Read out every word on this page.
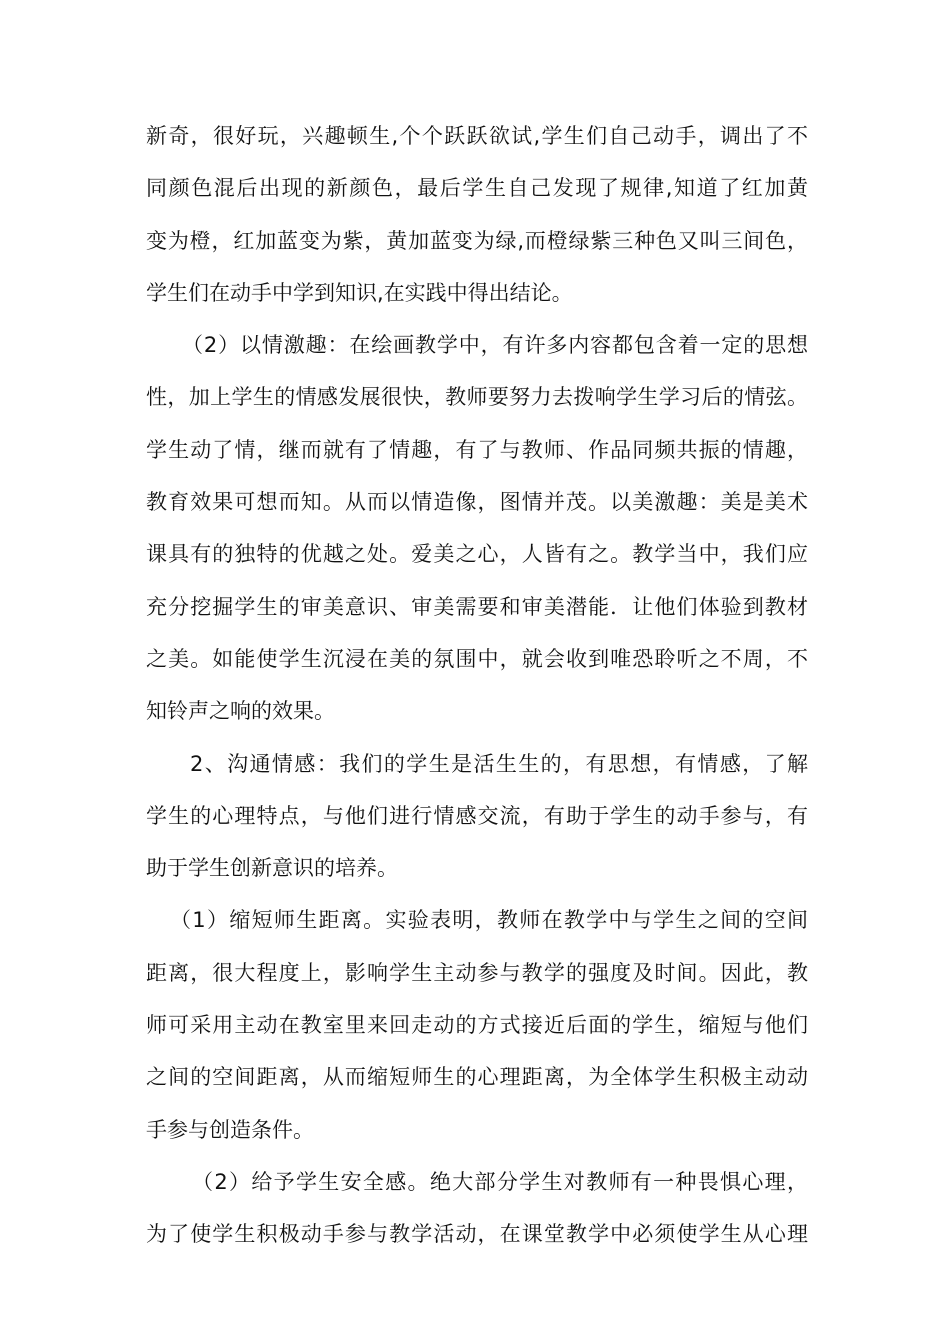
新奇，很好玩，兴趣顿生,个个跃跃欲试,学生们自己动手，调出了不
同颜色混后出现的新颜色，最后学生自己发现了规律,知道了红加黄
变为橙，红加蓝变为紫，黄加蓝变为绿,而橙绿紫三种色又叫三间色，
学生们在动手中学到知识,在实践中得出结论。
（2）以情激趣：在绘画教学中，有许多内容都包含着一定的思想
性，加上学生的情感发展很快，教师要努力去拨响学生学习后的情弦。
学生动了情，继而就有了情趣，有了与教师、作品同频共振的情趣，
教育效果可想而知。从而以情造像，图情并茂。以美激趣：美是美术
课具有的独特的优越之处。爱美之心，人皆有之。教学当中，我们应
充分挖掘学生的审美意识、审美需要和审美潜能．让他们体验到教材
之美。如能使学生沉浸在美的氛围中，就会收到唯恐聆听之不周，不
知铃声之响的效果。
2、沟通情感：我们的学生是活生生的，有思想，有情感，了解
学生的心理特点，与他们进行情感交流，有助于学生的动手参与，有
助于学生创新意识的培养。
（1）缩短师生距离。实验表明，教师在教学中与学生之间的空间
距离，很大程度上，影响学生主动参与教学的强度及时间。因此，教
师可采用主动在教室里来回走动的方式接近后面的学生，缩短与他们
之间的空间距离，从而缩短师生的心理距离，为全体学生积极主动动
手参与创造条件。
（2）给予学生安全感。绝大部分学生对教师有一种畏惧心理，
为了使学生积极动手参与教学活动，在课堂教学中必须使学生从心理
